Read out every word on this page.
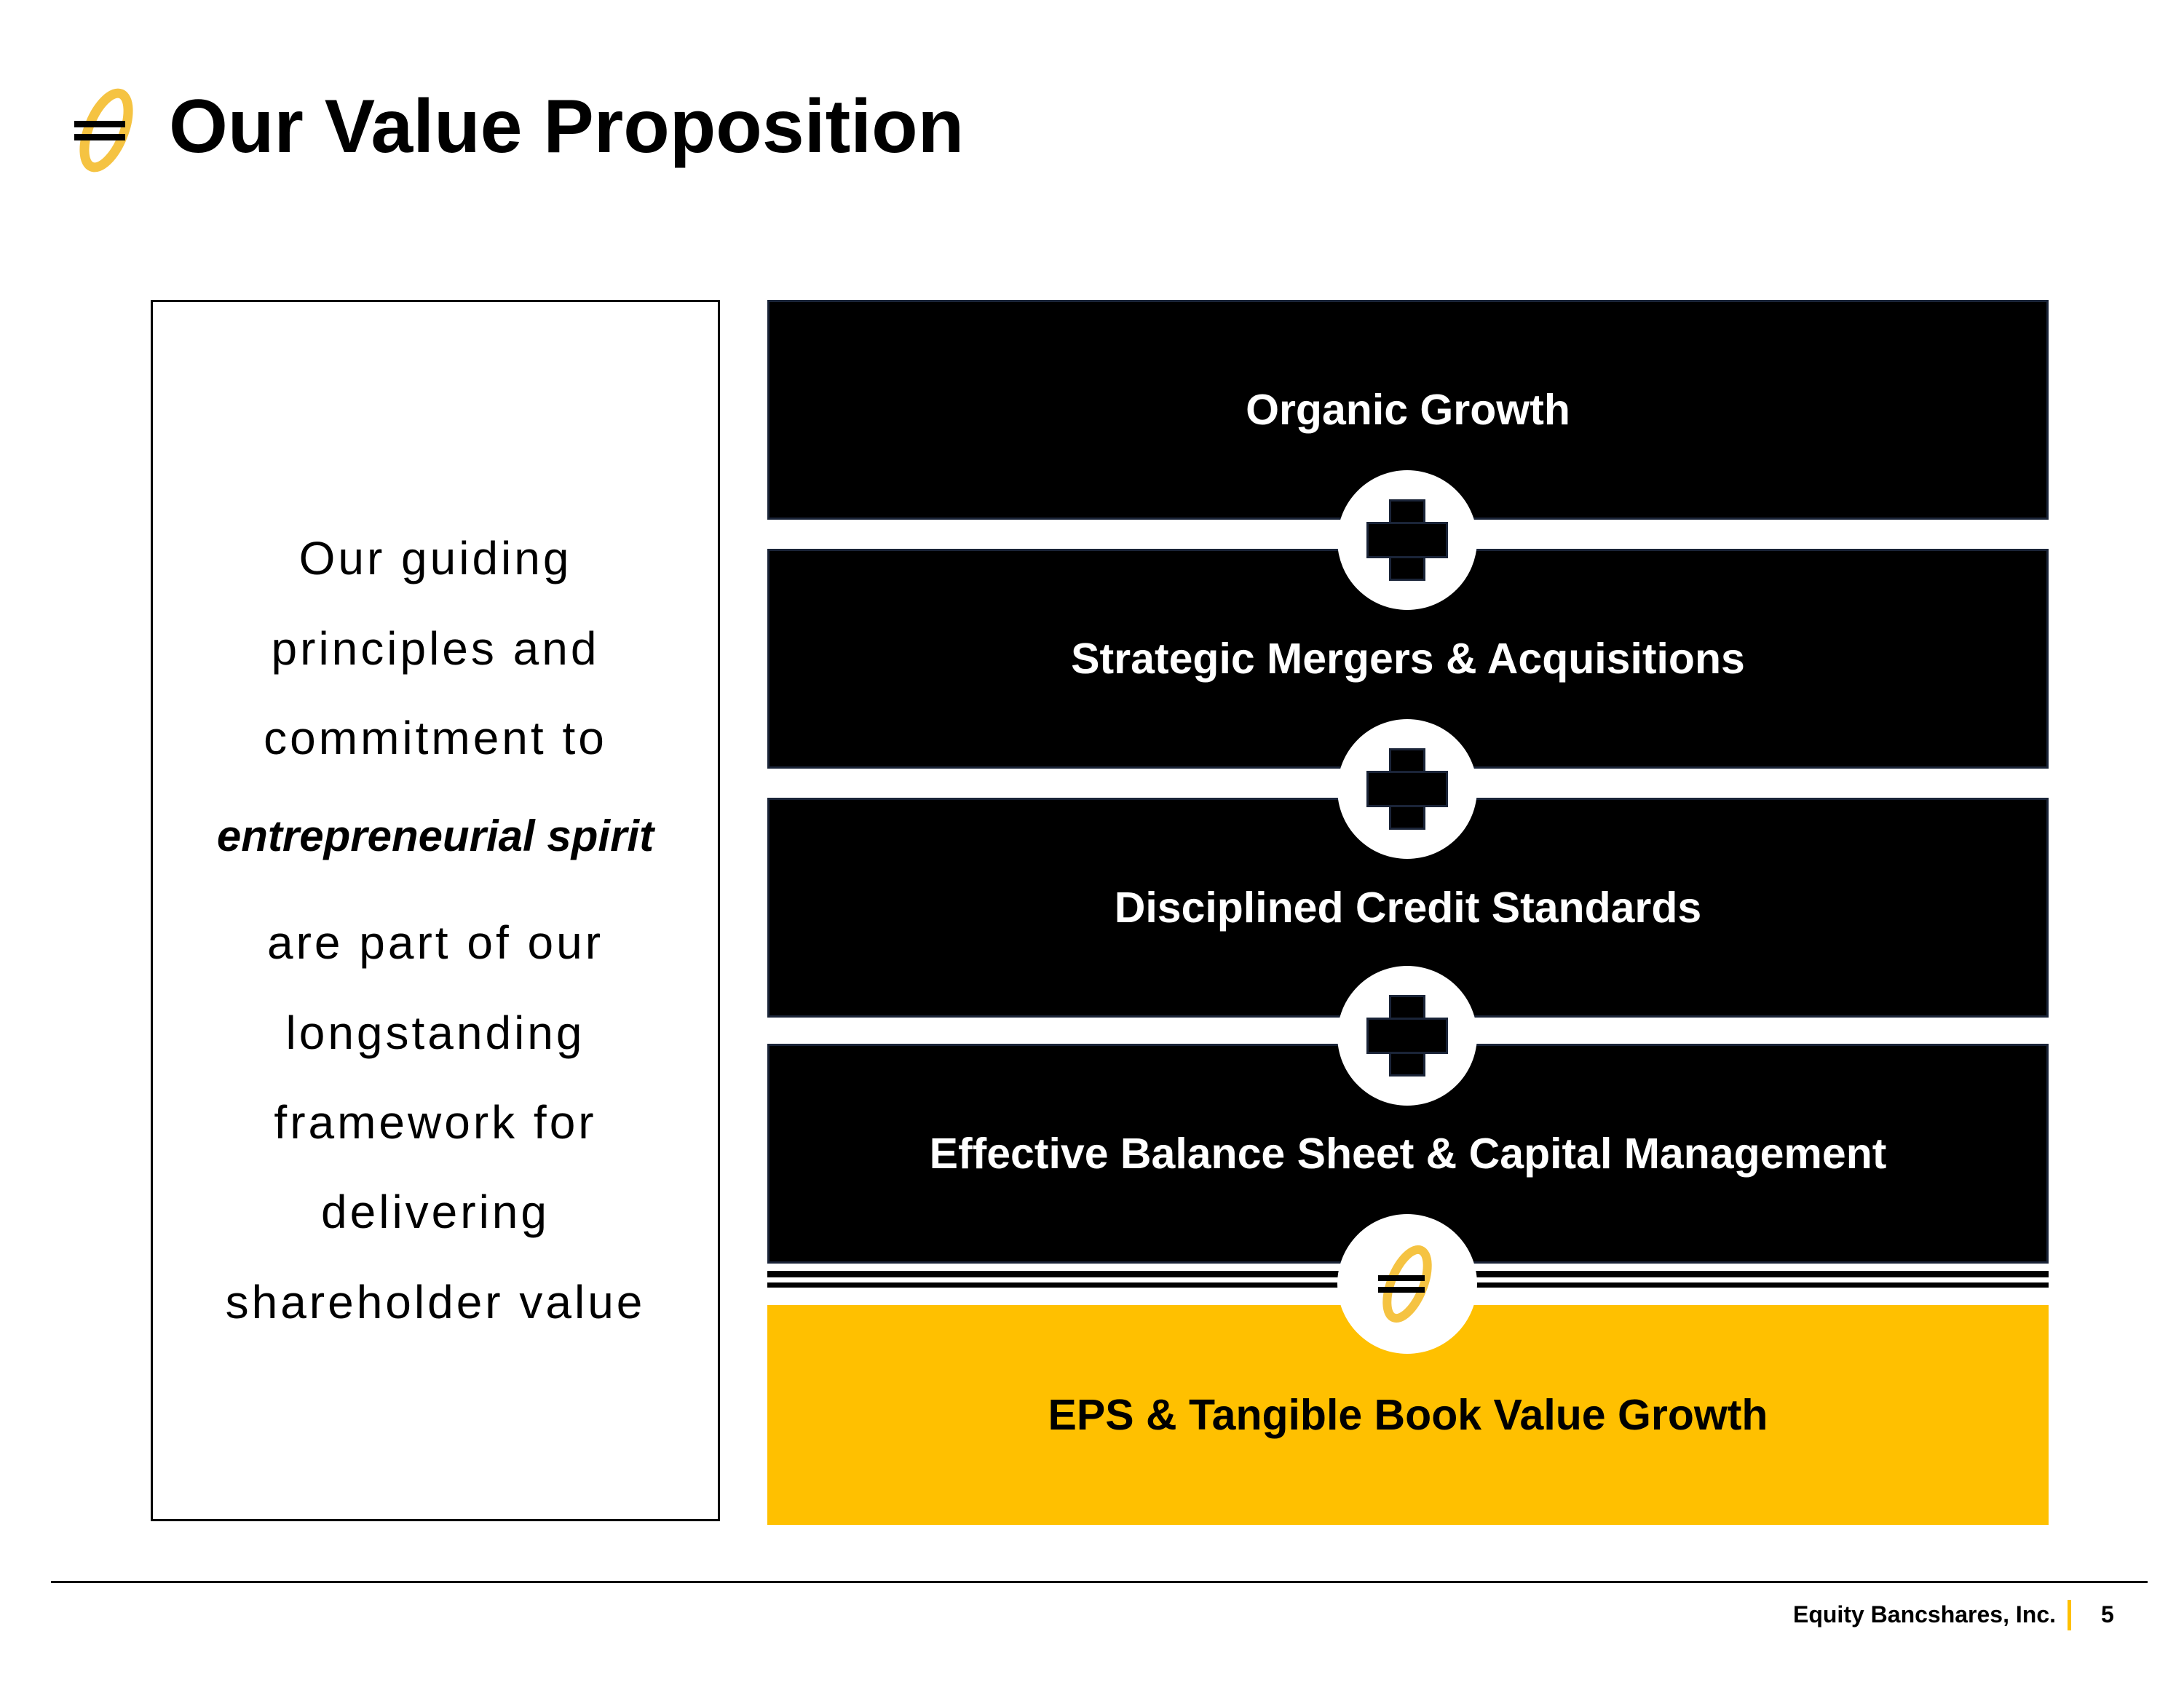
Our Value Proposition
Our guiding
principles and
commitment to
entrepreneurial spirit
are part of our
longstanding
framework for
delivering
shareholder value
Organic Growth
Strategic Mergers & Acquisitions
Disciplined Credit Standards
Effective Balance Sheet & Capital Management
EPS & Tangible Book Value Growth
Equity Bancshares, Inc. 5
